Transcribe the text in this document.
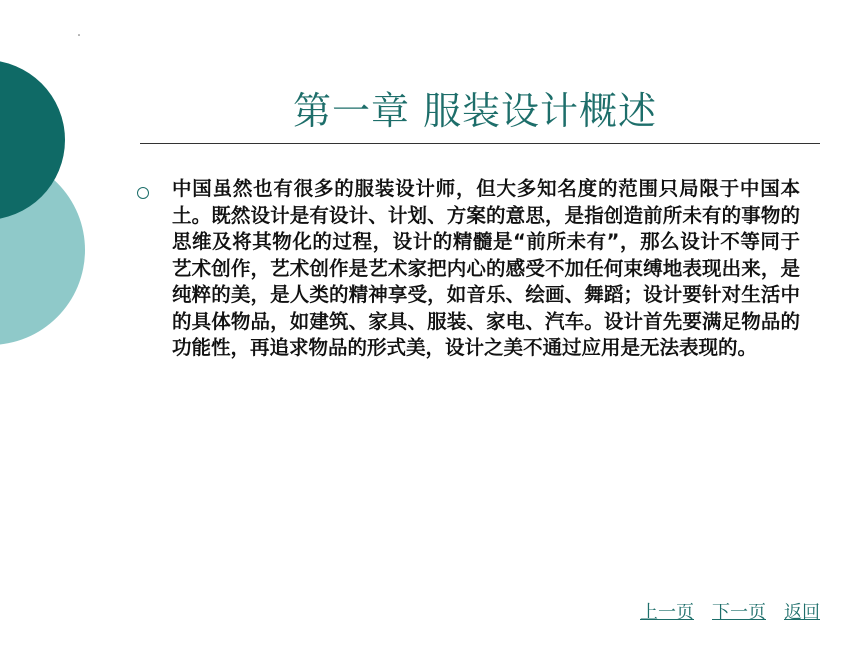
第一章 服装设计概述
中国虽然也有很多的服装设计师，但大多知名度的范围只局限于中国本土。既然设计是有设计、计划、方案的意思，是指创造前所未有的事物的思维及将其物化的过程，设计的精髓是“前所未有”，那么设计不等同于艺术创作，艺术创作是艺术家把内心的感受不加任何束缚地表现出来，是纯粹的美，是人类的精神享受，如音乐、绘画、舞蹈；设计要针对生活中的具体物品，如建筑、家具、服装、家电、汽车。设计首先要满足物品的功能性，再追求物品的形式美，设计之美不通过应用是无法表现的。
上一页 下一页 返回
